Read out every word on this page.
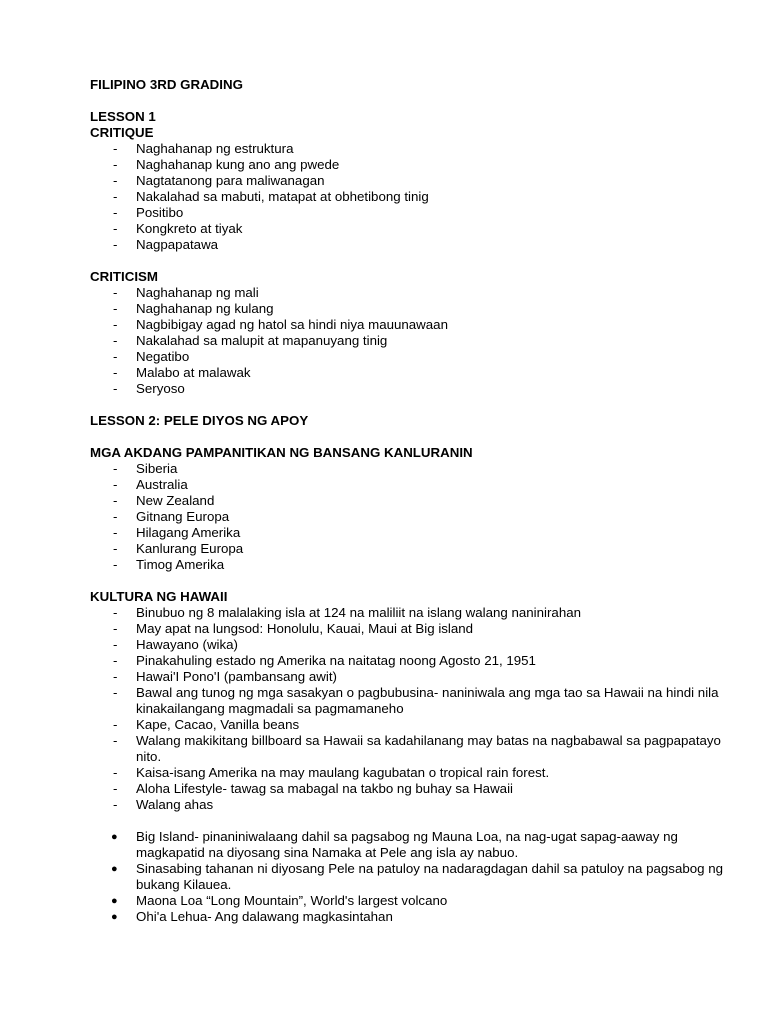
FILIPINO 3RD GRADING
LESSON 1
CRITIQUE
- Naghahanap ng estruktura
- Naghahanap kung ano ang pwede
- Nagtatanong para maliwanagan
- Nakalahad sa mabuti, matapat at obhetibong tinig
- Positibo
- Kongkreto at tiyak
- Nagpapatawa
CRITICISM
- Naghahanap ng mali
- Naghahanap ng kulang
- Nagbibigay agad ng hatol sa hindi niya mauunawaan
- Nakalahad sa malupit at mapanuyang tinig
- Negatibo
- Malabo at malawak
- Seryoso
LESSON 2: PELE DIYOS NG APOY
MGA AKDANG PAMPANITIKAN NG BANSANG KANLURANIN
- Siberia
- Australia
- New Zealand
- Gitnang Europa
- Hilagang Amerika
- Kanlurang Europa
- Timog Amerika
KULTURA NG HAWAII
- Binubuo ng 8 malalaking isla at 124 na maliliit na islang walang naninirahan
- May apat na lungsod: Honolulu, Kauai, Maui at Big island
- Hawayano (wika)
- Pinakahuling estado ng Amerika na naitatag noong Agosto 21, 1951
- Hawai'I Pono'I (pambansang awit)
- Bawal ang tunog ng mga sasakyan o pagbubusina- naniniwala ang mga tao sa Hawaii na hindi nila kinakailangang magmadali sa pagmamaneho
- Kape, Cacao, Vanilla beans
- Walang makikitang billboard sa Hawaii sa kadahilanang may batas na nagbabawal sa pagpapatayo nito.
- Kaisa-isang Amerika na may maulang kagubatan o tropical rain forest.
- Aloha Lifestyle- tawag sa mabagal na takbo ng buhay sa Hawaii
- Walang ahas
● Big Island- pinaniniwalaang dahil sa pagsabog ng Mauna Loa, na nag-ugat sapag-aaway ng magkapatid na diyosang sina Namaka at Pele ang isla ay nabuo.
● Sinasabing tahanan ni diyosang Pele na patuloy na nadaragdagan dahil sa patuloy na pagsabog ng bukang Kilauea.
● Maona Loa “Long Mountain”, World's largest volcano
● Ohi'a Lehua- Ang dalawang magkasintahan
